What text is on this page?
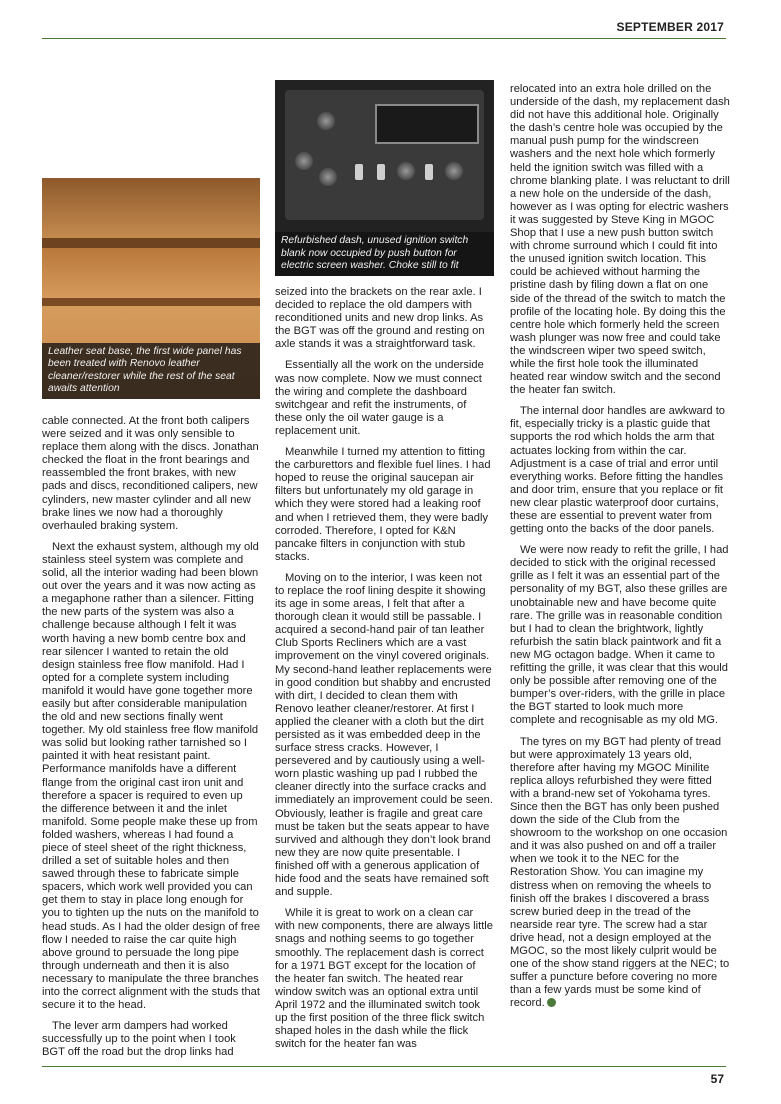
SEPTEMBER 2017
Leather seat base, the first wide panel has been treated with Renovo leather cleaner/restorer while the rest of the seat awaits attention
Refurbished dash, unused ignition switch blank now occupied by push button for electric screen washer. Choke still to fit

cable connected. At the front both calipers were seized and it was only sensible to replace them along with the discs. Jonathan checked the float in the front bearings and reassembled the front brakes, with new pads and discs, reconditioned calipers, new cylinders, new master cylinder and all new brake lines we now had a thoroughly overhauled braking system.

Next the exhaust system, although my old stainless steel system was complete and solid, all the interior wading had been blown out over the years and it was now acting as a megaphone rather than a silencer. Fitting the new parts of the system was also a challenge because although I felt it was worth having a new bomb centre box and rear silencer I wanted to retain the old design stainless free flow manifold. Had I opted for a complete system including manifold it would have gone together more easily but after considerable manipulation the old and new sections finally went together. My old stainless free flow manifold was solid but looking rather tarnished so I painted it with heat resistant paint. Performance manifolds have a different flange from the original cast iron unit and therefore a spacer is required to even up the difference between it and the inlet manifold. Some people make these up from folded washers, whereas I had found a piece of steel sheet of the right thickness, drilled a set of suitable holes and then sawed through these to fabricate simple spacers, which work well provided you can get them to stay in place long enough for you to tighten up the nuts on the manifold to head studs. As I had the older design of free flow I needed to raise the car quite high above ground to persuade the long pipe through underneath and then it is also necessary to manipulate the three branches into the correct alignment with the studs that secure it to the head.

The lever arm dampers had worked successfully up to the point when I took BGT off the road but the drop links had

seized into the brackets on the rear axle. I decided to replace the old dampers with reconditioned units and new drop links. As the BGT was off the ground and resting on axle stands it was a straightforward task.

Essentially all the work on the underside was now complete. Now we must connect the wiring and complete the dashboard switchgear and refit the instruments, of these only the oil water gauge is a replacement unit.

Meanwhile I turned my attention to fitting the carburettors and flexible fuel lines. I had hoped to reuse the original saucepan air filters but unfortunately my old garage in which they were stored had a leaking roof and when I retrieved them, they were badly corroded. Therefore, I opted for K&N pancake filters in conjunction with stub stacks.

Moving on to the interior, I was keen not to replace the roof lining despite it showing its age in some areas, I felt that after a thorough clean it would still be passable. I acquired a second-hand pair of tan leather Club Sports Recliners which are a vast improvement on the vinyl covered originals. My second-hand leather replacements were in good condition but shabby and encrusted with dirt, I decided to clean them with Renovo leather cleaner/restorer. At first I applied the cleaner with a cloth but the dirt persisted as it was embedded deep in the surface stress cracks. However, I persevered and by cautiously using a well-worn plastic washing up pad I rubbed the cleaner directly into the surface cracks and immediately an improvement could be seen. Obviously, leather is fragile and great care must be taken but the seats appear to have survived and although they don’t look brand new they are now quite presentable. I finished off with a generous application of hide food and the seats have remained soft and supple.

While it is great to work on a clean car with new components, there are always little snags and nothing seems to go together smoothly. The replacement dash is correct for a 1971 BGT except for the location of the heater fan switch. The heated rear window switch was an optional extra until April 1972 and the illuminated switch took up the first position of the three flick switch shaped holes in the dash while the flick switch for the heater fan was

relocated into an extra hole drilled on the underside of the dash, my replacement dash did not have this additional hole. Originally the dash’s centre hole was occupied by the manual push pump for the windscreen washers and the next hole which formerly held the ignition switch was filled with a chrome blanking plate. I was reluctant to drill a new hole on the underside of the dash, however as I was opting for electric washers it was suggested by Steve King in MGOC Shop that I use a new push button switch with chrome surround which I could fit into the unused ignition switch location. This could be achieved without harming the pristine dash by filing down a flat on one side of the thread of the switch to match the profile of the locating hole. By doing this the centre hole which formerly held the screen wash plunger was now free and could take the windscreen wiper two speed switch, while the first hole took the illuminated heated rear window switch and the second the heater fan switch.

The internal door handles are awkward to fit, especially tricky is a plastic guide that supports the rod which holds the arm that actuates locking from within the car. Adjustment is a case of trial and error until everything works. Before fitting the handles and door trim, ensure that you replace or fit new clear plastic waterproof door curtains, these are essential to prevent water from getting onto the backs of the door panels.

We were now ready to refit the grille, I had decided to stick with the original recessed grille as I felt it was an essential part of the personality of my BGT, also these grilles are unobtainable new and have become quite rare. The grille was in reasonable condition but I had to clean the brightwork, lightly refurbish the satin black paintwork and fit a new MG octagon badge. When it came to refitting the grille, it was clear that this would only be possible after removing one of the bumper’s over-riders, with the grille in place the BGT started to look much more complete and recognisable as my old MG.

The tyres on my BGT had plenty of tread but were approximately 13 years old, therefore after having my MGOC Minilite replica alloys refurbished they were fitted with a brand-new set of Yokohama tyres. Since then the BGT has only been pushed down the side of the Club from the showroom to the workshop on one occasion and it was also pushed on and off a trailer when we took it to the NEC for the Restoration Show. You can imagine my distress when on removing the wheels to finish off the brakes I discovered a brass screw buried deep in the tread of the nearside rear tyre. The screw had a star drive head, not a design employed at the MGOC, so the most likely culprit would be one of the show stand riggers at the NEC; to suffer a puncture before covering no more than a few yards must be some kind of record.

57
